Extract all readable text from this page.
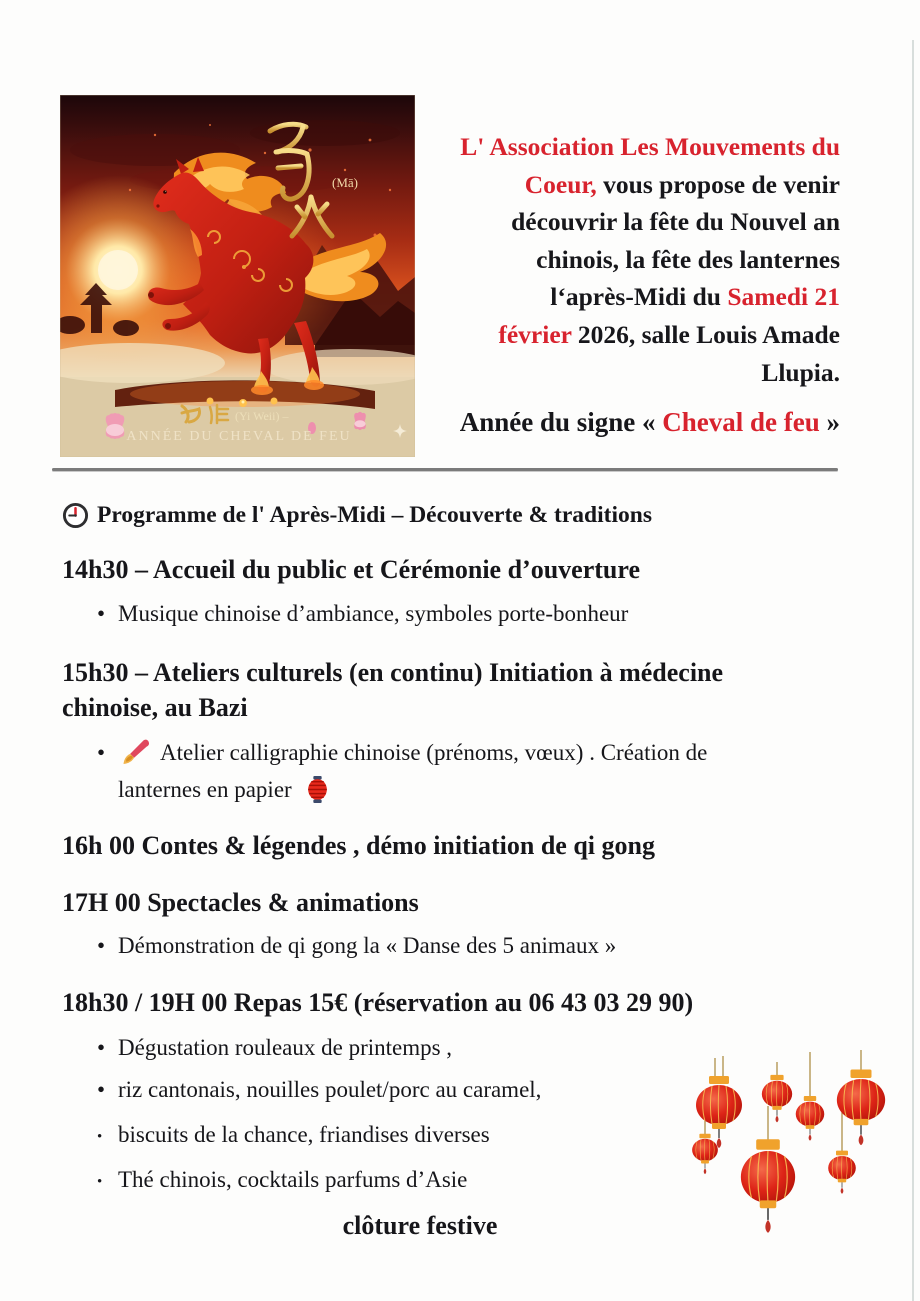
(Mā)
(Yi Weii) –
ANNÉE DU CHEVAL DE FEU
L' Association Les Mouvements du
Coeur, vous propose de venir
découvrir la fête du Nouvel an
chinois, la fête des lanternes
l‘après-Midi du Samedi 21
février 2026, salle Louis Amade
Llupia.
Année du signe « Cheval de feu »
Programme de l' Après-Midi – Découverte & traditions
14h30 – Accueil du public et Cérémonie d’ouverture
• Musique chinoise d’ambiance, symboles porte-bonheur
15h30 – Ateliers culturels (en continu) Initiation à médecine
chinoise, au Bazi
• Atelier calligraphie chinoise (prénoms, vœux) . Création de
lanternes en papier
16h 00 Contes & légendes , démo initiation de qi gong
17H 00 Spectacles & animations
• Démonstration de qi gong la « Danse des 5 animaux »
18h30 / 19H 00 Repas 15€ (réservation au 06 43 03 29 90)
• Dégustation rouleaux de printemps ,
• riz cantonais, nouilles poulet/porc au caramel,
• biscuits de la chance, friandises diverses
• Thé chinois, cocktails parfums d’Asie
clôture festive
